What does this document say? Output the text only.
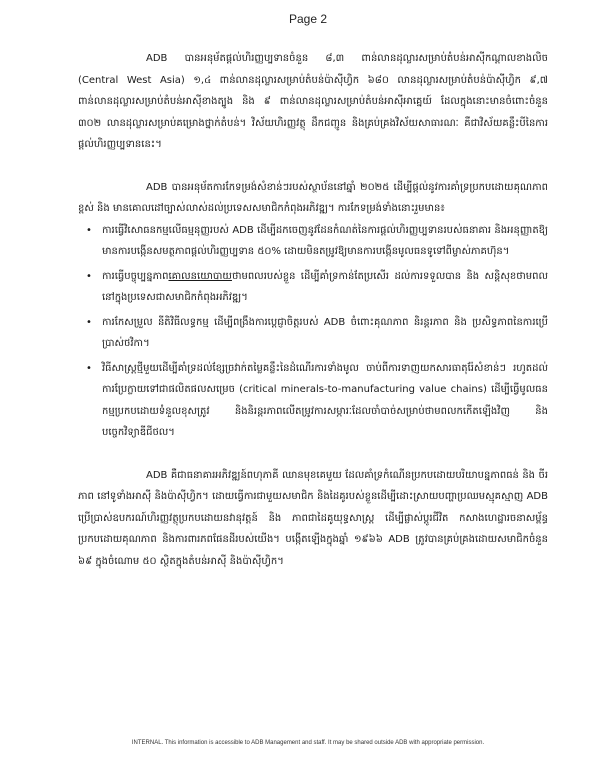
Page 2

ADB បានអនុម័តផ្តល់ហិរញ្ញប្បទានចំនួន ៨,៣ ពាន់លានដុល្លារសម្រាប់តំបន់អាស៊ីកណ្តាលខាងលិច (Central West Asia) ១,៤ ពាន់លានដុល្លារសម្រាប់តំបន់ប៉ាស៊ីហ្វិក ៦៨០ លានដុល្លារសម្រាប់តំបន់ប៉ាស៊ីហ្វិក ៩,៧ ពាន់លានដុល្លារសម្រាប់តំបន់អាស៊ីខាងត្បូង និង ៩ ពាន់លានដុល្លារសម្រាប់តំបន់អាស៊ីអាគ្នេយ៍ ដែលក្នុងនោះមានចំពោះចំនួន ៣០២ លានដុល្លារសម្រាប់គម្រោងថ្នាក់តំបន់។ វិស័យហិរញ្ញវត្ថុ ដឹកជញ្ជូន និងគ្រប់គ្រងវិស័យសាធារណៈ គឺជាវិស័យគន្លឹះបីនៃការផ្តល់ហិរញ្ញប្បទាននេះ។

ADB បានអនុម័តការកែទម្រង់សំខាន់ៗរបស់ស្ថាប័ននៅឆ្នាំ ២០២៥ ដើម្បីផ្តល់នូវការគាំទ្រប្រកបដោយគុណភាពខ្ពស់ និង មានគោលដៅច្បាស់លាស់ដល់ប្រទេសសមាជិកកំពុងអភិវឌ្ឍ។ ការកែទម្រង់ទាំងនោះរួមមាន៖

• ការធ្វើវិសោធនកម្មលើធម្មនុញ្ញរបស់ ADB ដើម្បីដកចេញនូវដែនកំណត់នៃការផ្តល់ហិរញ្ញប្បទានរបស់ធនាគារ និងអនុញ្ញាតឱ្យមានការបង្កើនសមត្ថភាពផ្តល់ហិរញ្ញប្បទាន ៥០% ដោយមិនតម្រូវឱ្យមានការបង្កើនមូលធនទូទៅពីម្ចាស់ភាគហ៊ុន។
• ការធ្វើបច្ចុប្បន្នភាពគោលនយោបាយថាមពលរបស់ខ្លួន ដើម្បីគាំទ្រកាន់តែប្រសើរ ដល់ការទទួលបាន និង សន្តិសុខថាមពល នៅក្នុងប្រទេសជាសមាជិកកំពុងអភិវឌ្ឍ។
• ការកែសម្រួល នីតិវិធីលទ្ធកម្ម ដើម្បីពង្រឹងការប្តេជ្ញាចិត្តរបស់ ADB ចំពោះគុណភាព និរន្តរភាព និង ប្រសិទ្ធភាពនៃការប្រើប្រាស់ថវិកា។
• វិធីសាស្ត្រថ្មីមួយដើម្បីគាំទ្រដល់ខ្សែច្រវាក់តម្លៃគន្លឹះនៃដំណើរការទាំងមូល ចាប់ពីការទាញយកសារធាតុរ៉ែសំខាន់ៗ រហូតដល់ការប្រែក្លាយទៅជាផលិតផលសម្រេច (critical minerals-to-manufacturing value chains) ដើម្បីធ្វើមូលធនកម្មប្រកបដោយទំនួលខុសត្រូវ និងនិរន្តរភាពលើតម្រូវការសម្ភារៈដែលចាំបាច់សម្រាប់ថាមពលកកើតឡើងវិញ និងបច្ចេកវិទ្យាឌីជីថល។

ADB គឺជាធនាគារអភិវឌ្ឍន៍ពហុភាគី ឈានមុខគេមួយ ដែលគាំទ្រកំណើនប្រកបដោយបរិយាបន្នភាពធន់ និង ចីរភាព នៅទូទាំងអាស៊ី និងប៉ាស៊ីហ្វិក។ ដោយធ្វើការជាមួយសមាជិក និងដៃគូរបស់ខ្លួនដើម្បីដោះស្រាយបញ្ហាប្រឈមស្មុគស្មាញ ADB ប្រើប្រាស់ឧបករណ៍ហិរញ្ញវត្ថុប្រកបដោយនវានុវត្តន៍ និង ភាពជាដៃគូយុទ្ធសាស្ត្រ ដើម្បីផ្លាស់ប្តូរជីវិត កសាងហេដ្ឋារចនាសម្ព័ន្ធប្រកបដោយគុណភាព និងការពារភពផែនដីរបស់យើង។ បង្កើតឡើងក្នុងឆ្នាំ ១៩៦៦ ADB ត្រូវបានគ្រប់គ្រងដោយសមាជិកចំនួន ៦៩ ក្នុងចំណោម ៥០ ស្ថិតក្នុងតំបន់អាស៊ី និងប៉ាស៊ីហ្វិក។

INTERNAL. This information is accessible to ADB Management and staff. It may be shared outside ADB with appropriate permission.
